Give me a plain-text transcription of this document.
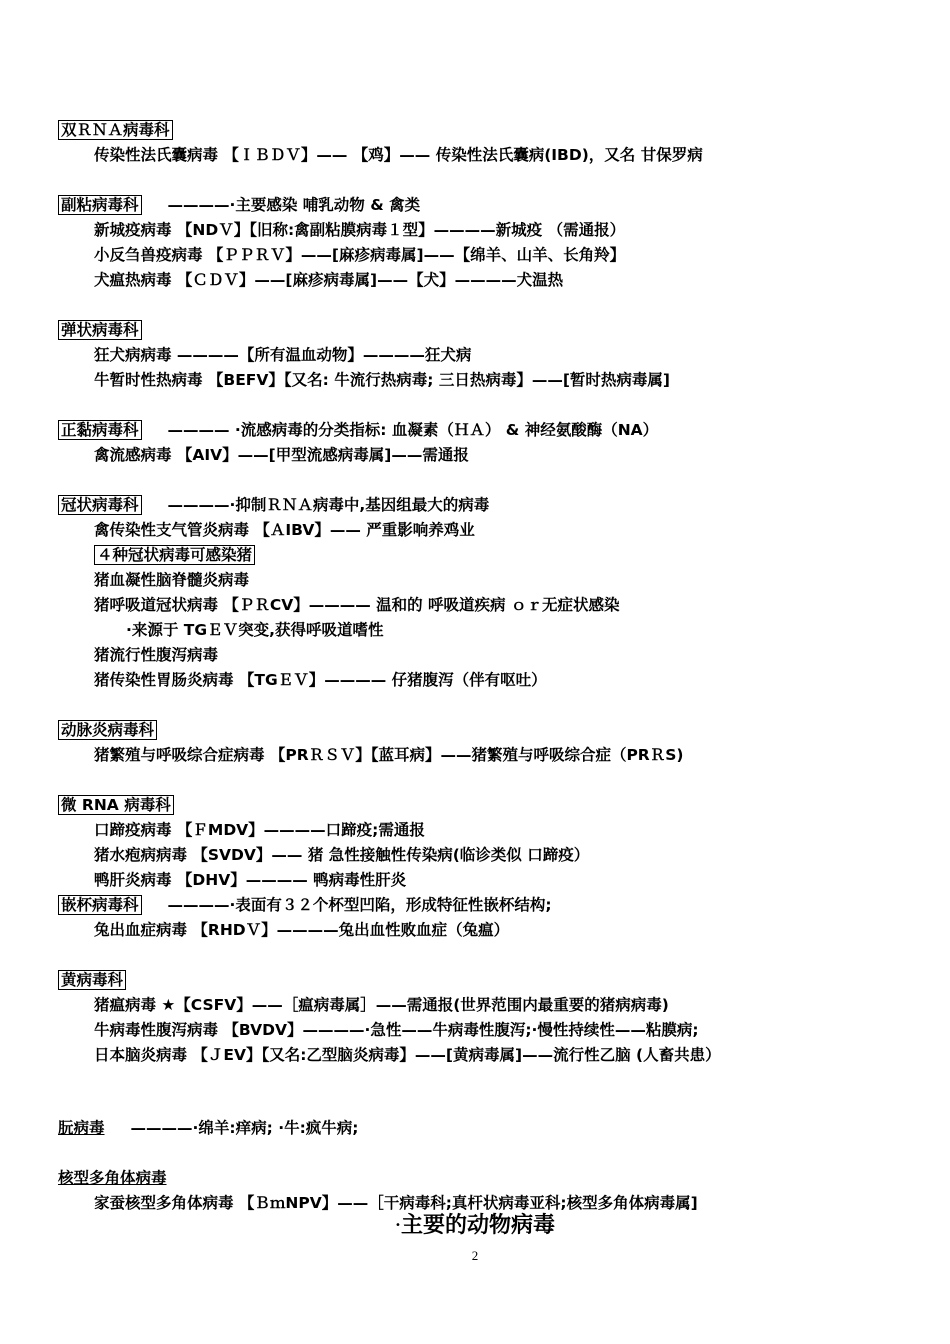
双ＲＮＡ病毒科
传染性法氏囊病毒 【ＩＢＤＶ】—— 【鸡】—— 传染性法氏囊病(IBD)，又名 甘保罗病
副粘病毒科 ————·主要感染 哺乳动物 & 禽类
新城疫病毒 【NDＶ】【旧称:禽副粘膜病毒１型】————新城疫 （需通报）
小反刍兽疫病毒 【ＰＰＲＶ】——[麻疹病毒属]——【绵羊、山羊、长角羚】
犬瘟热病毒 【ＣＤＶ】——[麻疹病毒属]——【犬】————犬温热
弹状病毒科
狂犬病病毒 ————【所有温血动物】————狂犬病
牛暂时性热病毒 【BEFV】【又名: 牛流行热病毒; 三日热病毒】——[暂时热病毒属]
正黏病毒科 ———— ·流感病毒的分类指标: 血凝素（ＨＡ） & 神经氨酸酶（NA）
禽流感病毒 【AIV】——[甲型流感病毒属]——需通报
冠状病毒科 ————·抑制ＲＮＡ病毒中,基因组最大的病毒
禽传染性支气管炎病毒 【ＡIBV】—— 严重影响养鸡业
４种冠状病毒可感染猪
猪血凝性脑脊髓炎病毒
猪呼吸道冠状病毒 【ＰＲCV】———— 温和的 呼吸道疾病 ｏｒ无症状感染
·来源于 TGＥＶ突变,获得呼吸道嗜性
猪流行性腹泻病毒
猪传染性胃肠炎病毒 【TGＥＶ】———— 仔猪腹泻（伴有呕吐）
动脉炎病毒科
猪繁殖与呼吸综合症病毒 【PRＲＳＶ】【蓝耳病】——猪繁殖与呼吸综合症（PRＲS)
微 RNA 病毒科
口蹄疫病毒 【ＦMDV】————口蹄疫;需通报
猪水疱病病毒 【SVDV】—— 猪 急性接触性传染病(临诊类似 口蹄疫）
鸭肝炎病毒 【DHV】———— 鸭病毒性肝炎
嵌杯病毒科 ————·表面有３２个杯型凹陷，形成特征性嵌杯结构;
兔出血症病毒 【RHDＶ】————兔出血性败血症（兔瘟）
黄病毒科
猪瘟病毒 ★【CSFV】——［瘟病毒属］——需通报(世界范围内最重要的猪病病毒)
牛病毒性腹泻病毒 【BVDV】————·急性——牛病毒性腹泻;·慢性持续性——粘膜病;
日本脑炎病毒 【ＪEV】【又名:乙型脑炎病毒】——[黄病毒属]——流行性乙脑 (人畜共患）
朊病毒 ————·绵羊:痒病; ·牛:疯牛病;
核型多角体病毒
家蚕核型多角体病毒 【ＢｍNPV】——［干病毒科;真杆状病毒亚科;核型多角体病毒属]
•主要的动物病毒
2
